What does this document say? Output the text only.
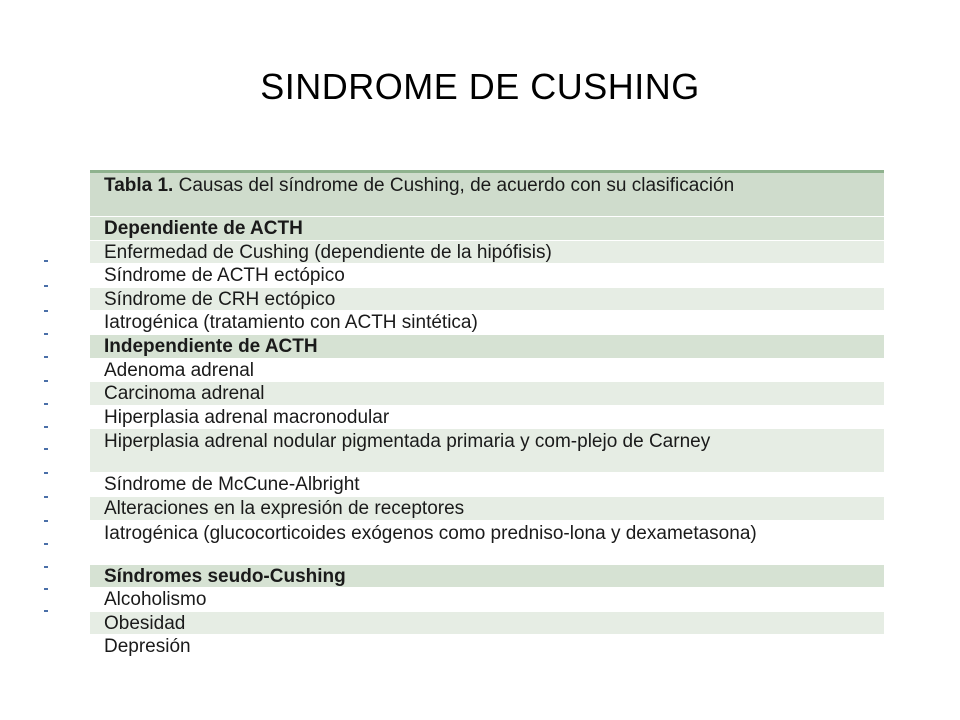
SINDROME DE CUSHING
Tabla 1. Causas del síndrome de Cushing, de acuerdo con su clasificación
Dependiente de ACTH
Enfermedad de Cushing (dependiente de la hipófisis)
Síndrome de ACTH ectópico
Síndrome de CRH ectópico
Iatrogénica (tratamiento con ACTH sintética)
Independiente de ACTH
Adenoma adrenal
Carcinoma adrenal
Hiperplasia adrenal macronodular
Hiperplasia adrenal nodular pigmentada primaria y com-plejo de Carney
Síndrome de McCune-Albright
Alteraciones en la expresión de receptores
Iatrogénica (glucocorticoides exógenos como predniso-lona y dexametasona)
Síndromes seudo-Cushing
Alcoholismo
Obesidad
Depresión
